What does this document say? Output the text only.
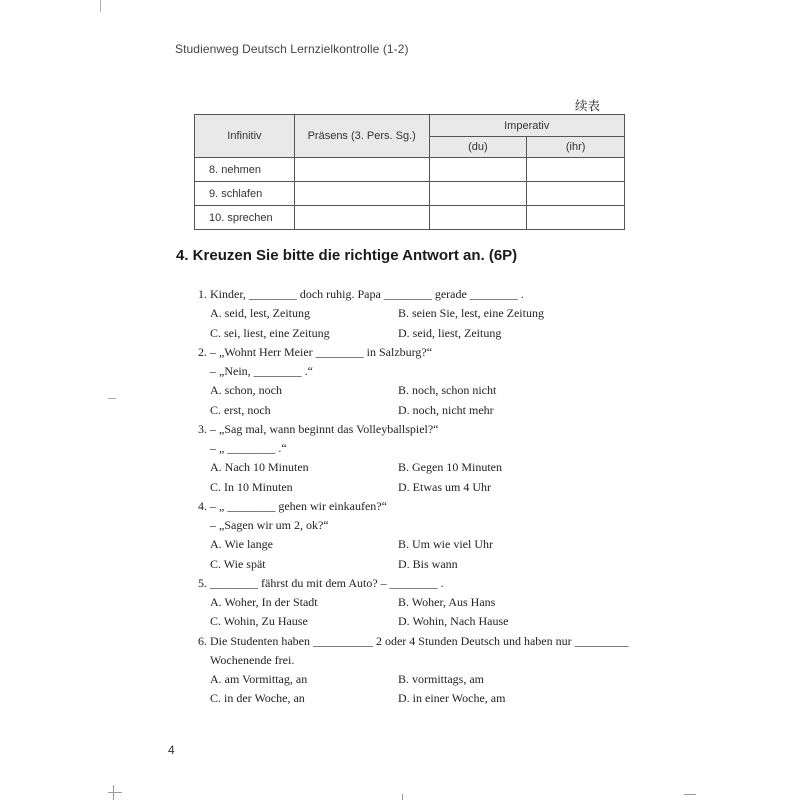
Studienweg Deutsch Lernzielkontrolle (1-2)
续表
Infinitiv	Präsens (3. Pers. Sg.)	Imperativ	
		(du)	(ihr)
8. nehmen			
9. schlafen			
10. sprechen			
4. Kreuzen Sie bitte die richtige Antwort an. (6P)
1. Kinder, ________ doch ruhig. Papa ________ gerade ________ .
A. seid, lest, Zeitung	B. seien Sie, lest, eine Zeitung
C. sei, liest, eine Zeitung	D. seid, liest, Zeitung
2. – „Wohnt Herr Meier ________ in Salzburg?“
– „Nein, ________ .“
A. schon, noch	B. noch, schon nicht
C. erst, noch	D. noch, nicht mehr
3. – „Sag mal, wann beginnt das Volleyballspiel?“
– „ ________ .“
A. Nach 10 Minuten	B. Gegen 10 Minuten
C. In 10 Minuten	D. Etwas um 4 Uhr
4. – „ ________ gehen wir einkaufen?“
– „Sagen wir um 2, ok?“
A. Wie lange	B. Um wie viel Uhr
C. Wie spät	D. Bis wann
5. ________ fährst du mit dem Auto? – ________ .
A. Woher, In der Stadt	B. Woher, Aus Hans
C. Wohin, Zu Hause	D. Wohin, Nach Hause
6. Die Studenten haben __________ 2 oder 4 Stunden Deutsch und haben nur _________
Wochenende frei.
A. am Vormittag, an	B. vormittags, am
C. in der Woche, an	D. in einer Woche, am
4
